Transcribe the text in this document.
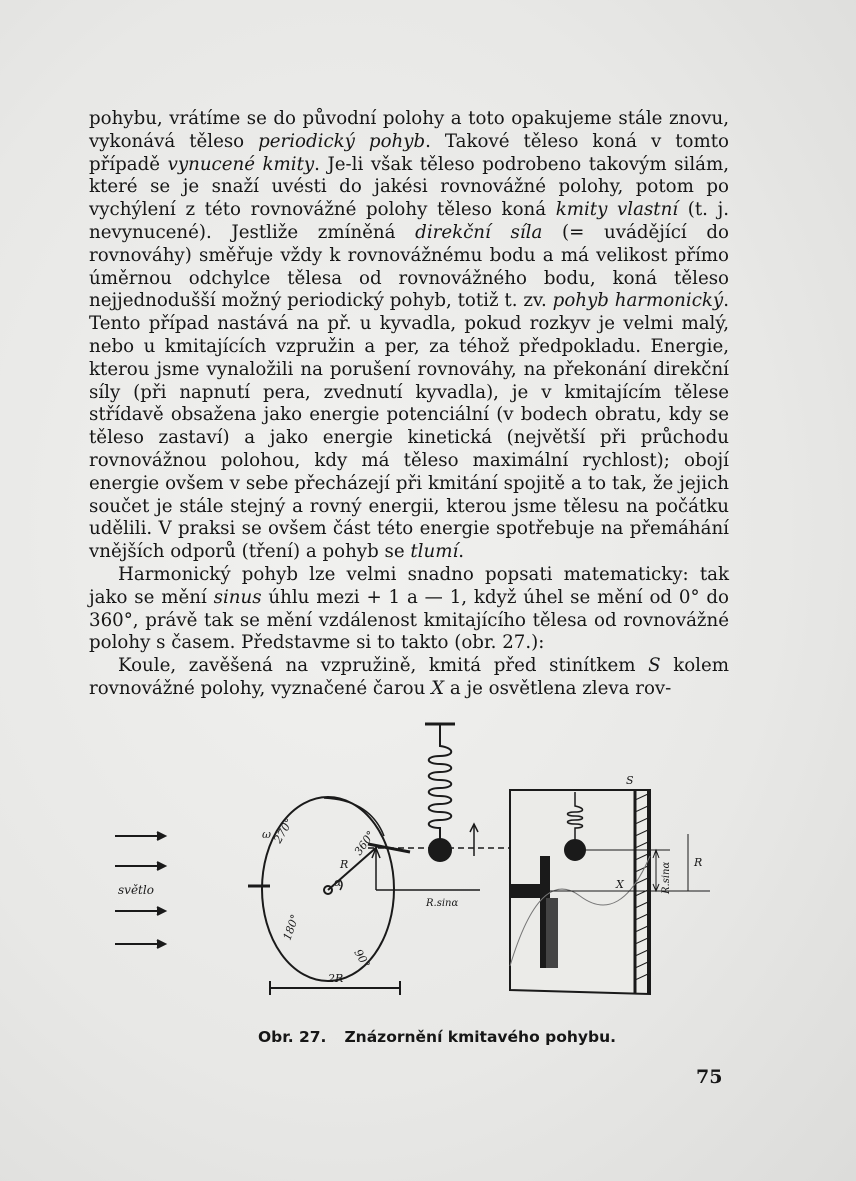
pohybu, vrátíme se do původní polohy a toto opakujeme stále znovu, vykonává těleso periodický pohyb. Takové těleso koná v tomto případě vynucené kmity. Je-li však těleso podrobeno takovým silám, které se je snaží uvésti do jakési rovnovážné polohy, potom po vychýlení z této rovnovážné polohy těleso koná kmity vlastní (t. j. nevynucené). Jestliže zmíněná direkční síla (= uvádějící do rovnováhy) směřuje vždy k rovnovážnému bodu a má velikost přímo úměrnou odchylce tělesa od rovnovážného bodu, koná těleso nejjednodušší možný periodický pohyb, totiž t. zv. pohyb harmonický. Tento případ nastává na př. u kyvadla, pokud rozkyv je velmi malý, nebo u kmitajících vzpružin a per, za téhož předpokladu. Energie, kterou jsme vynaložili na porušení rovnováhy, na překonání direkční síly (při napnutí pera, zvednutí kyvadla), je v kmitajícím tělese střídavě obsažena jako energie potenciální (v bodech obratu, kdy se těleso zastaví) a jako energie kinetická (největší při průchodu rovnovážnou polohou, kdy má těleso maximální rychlost); obojí energie ovšem v sebe přecházejí při kmitání spojitě a to tak, že jejich součet je stále stejný a rovný energii, kterou jsme tělesu na počátku udělili. V praksi se ovšem část této energie spotřebuje na přemáhání vnějších odporů (tření) a pohyb se tlumí.

Harmonický pohyb lze velmi snadno popsati matematicky: tak jako se mění sinus úhlu mezi + 1 a — 1, když úhel se mění od 0° do 360°, právě tak se mění vzdálenost kmitajícího tělesa od rovnovážné polohy s časem. Představme si to takto (obr. 27.):

Koule, zavěšená na vzpružině, kmitá před stinítkem S kolem rovnovážné polohy, vyznačené čarou X a je osvětlena zleva rov-

světlo
ω 270°	360°
R
α
180°
90°
R.sinα
2R
S
X	R.sinα R
Obr. 27. Znázornění kmitavého pohybu.
75
